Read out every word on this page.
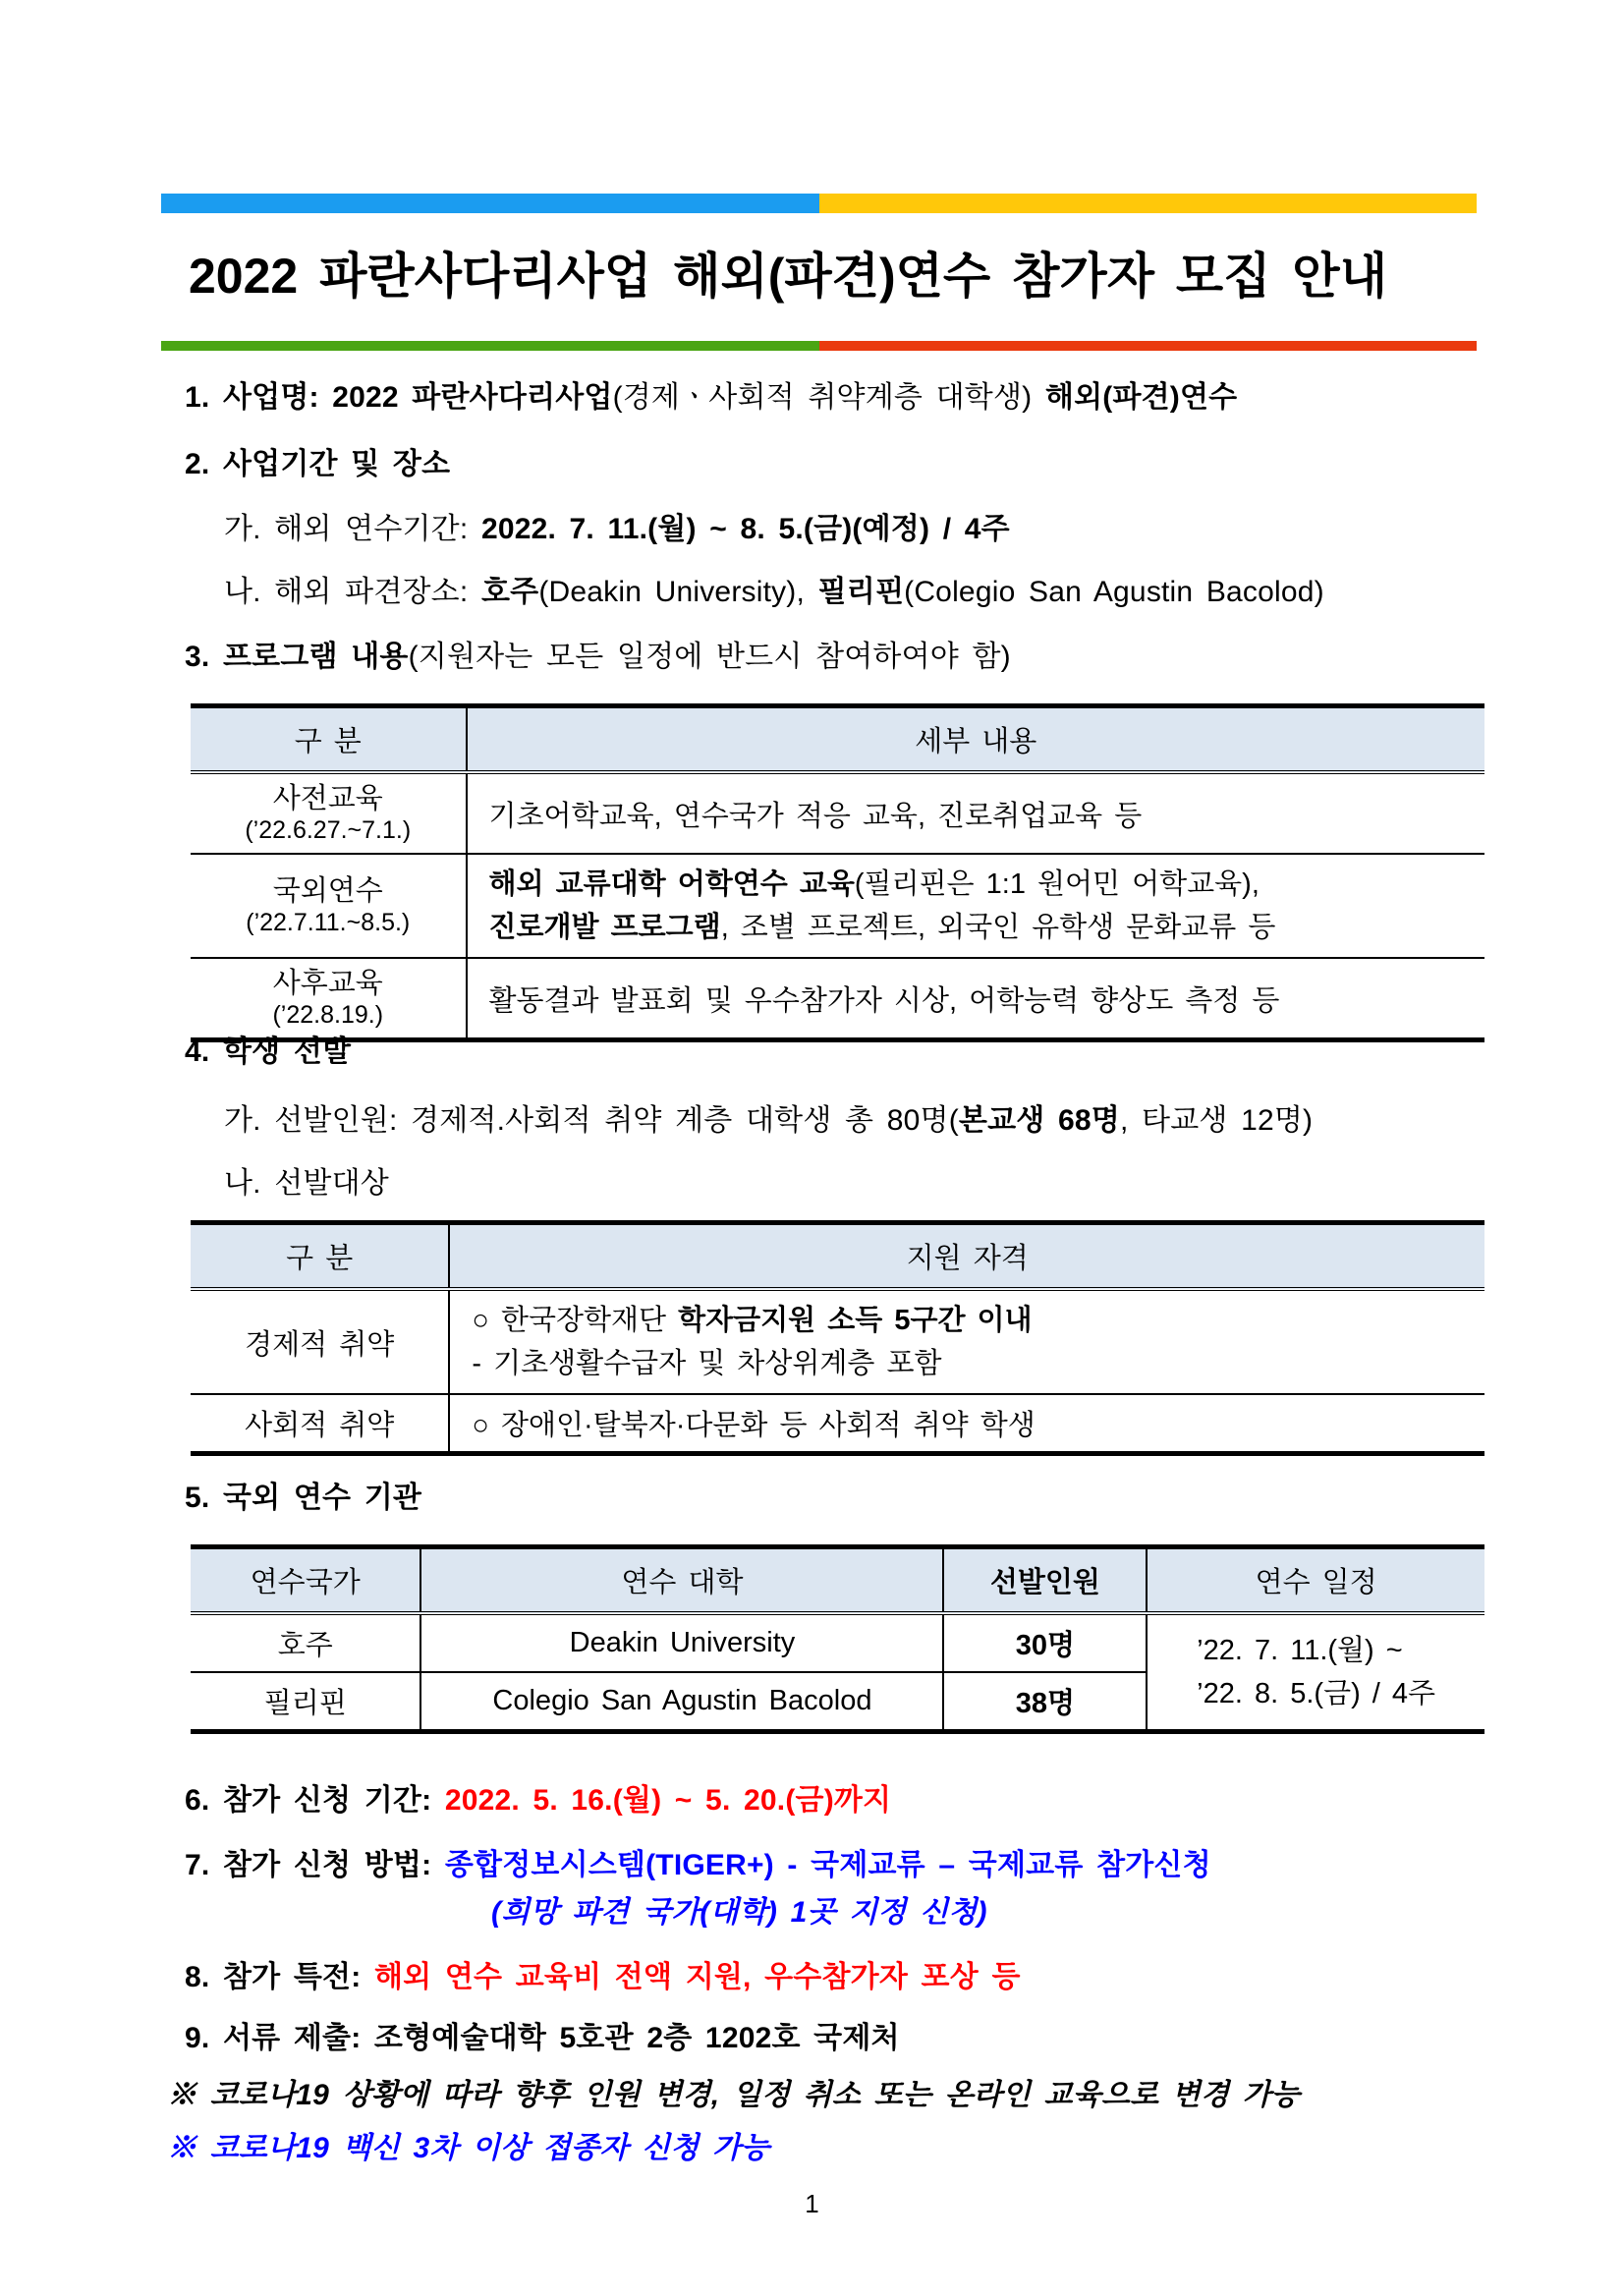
2022 파란사다리사업 해외(파견)연수 참가자 모집 안내

1. 사업명: 2022 파란사다리사업(경제ㆍ사회적 취약계층 대학생) 해외(파견)연수

2. 사업기간 및 장소

가. 해외 연수기간: 2022. 7. 11.(월) ~ 8. 5.(금)(예정) / 4주

나. 해외 파견장소: 호주(Deakin University), 필리핀(Colegio San Agustin Bacolod)

3. 프로그램 내용(지원자는 모든 일정에 반드시 참여하여야 함)

구 분	세부 내용

사전교육
(’22.6.27.~7.1.)	기초어학교육, 연수국가 적응 교육, 진로취업교육 등

국외연수
(’22.7.11.~8.5.)	해외 교류대학 어학연수 교육(필리핀은 1:1 원어민 어학교육),
진로개발 프로그램, 조별 프로젝트, 외국인 유학생 문화교류 등

사후교육
(’22.8.19.)	활동결과 발표회 및 우수참가자 시상, 어학능력 향상도 측정 등

4. 학생 선발

가. 선발인원: 경제적.사회적 취약 계층 대학생 총 80명(본교생 68명, 타교생 12명)

나. 선발대상

구 분	지원 자격
경제적 취약	○ 한국장학재단 학자금지원 소득 5구간 이내
- 기초생활수급자 및 차상위계층 포함
사회적 취약	○ 장애인·탈북자·다문화 등 사회적 취약 학생

5. 국외 연수 기관

연수국가	연수 대학	선발인원	연수 일정
호주	Deakin University	30명	’22. 7. 11.(월) ~
’22. 8. 5.(금) / 4주
필리핀	Colegio San Agustin Bacolod	38명	

6. 참가 신청 기간: 2022. 5. 16.(월) ~ 5. 20.(금)까지

7. 참가 신청 방법: 종합정보시스템(TIGER+) - 국제교류 – 국제교류 참가신청

(희망 파견 국가(대학) 1곳 지정 신청)

8. 참가 특전: 해외 연수 교육비 전액 지원, 우수참가자 포상 등

9. 서류 제출: 조형예술대학 5호관 2층 1202호 국제처

※ 코로나19 상황에 따라 향후 인원 변경, 일정 취소 또는 온라인 교육으로 변경 가능

※ 코로나19 백신 3차 이상 접종자 신청 가능

1
